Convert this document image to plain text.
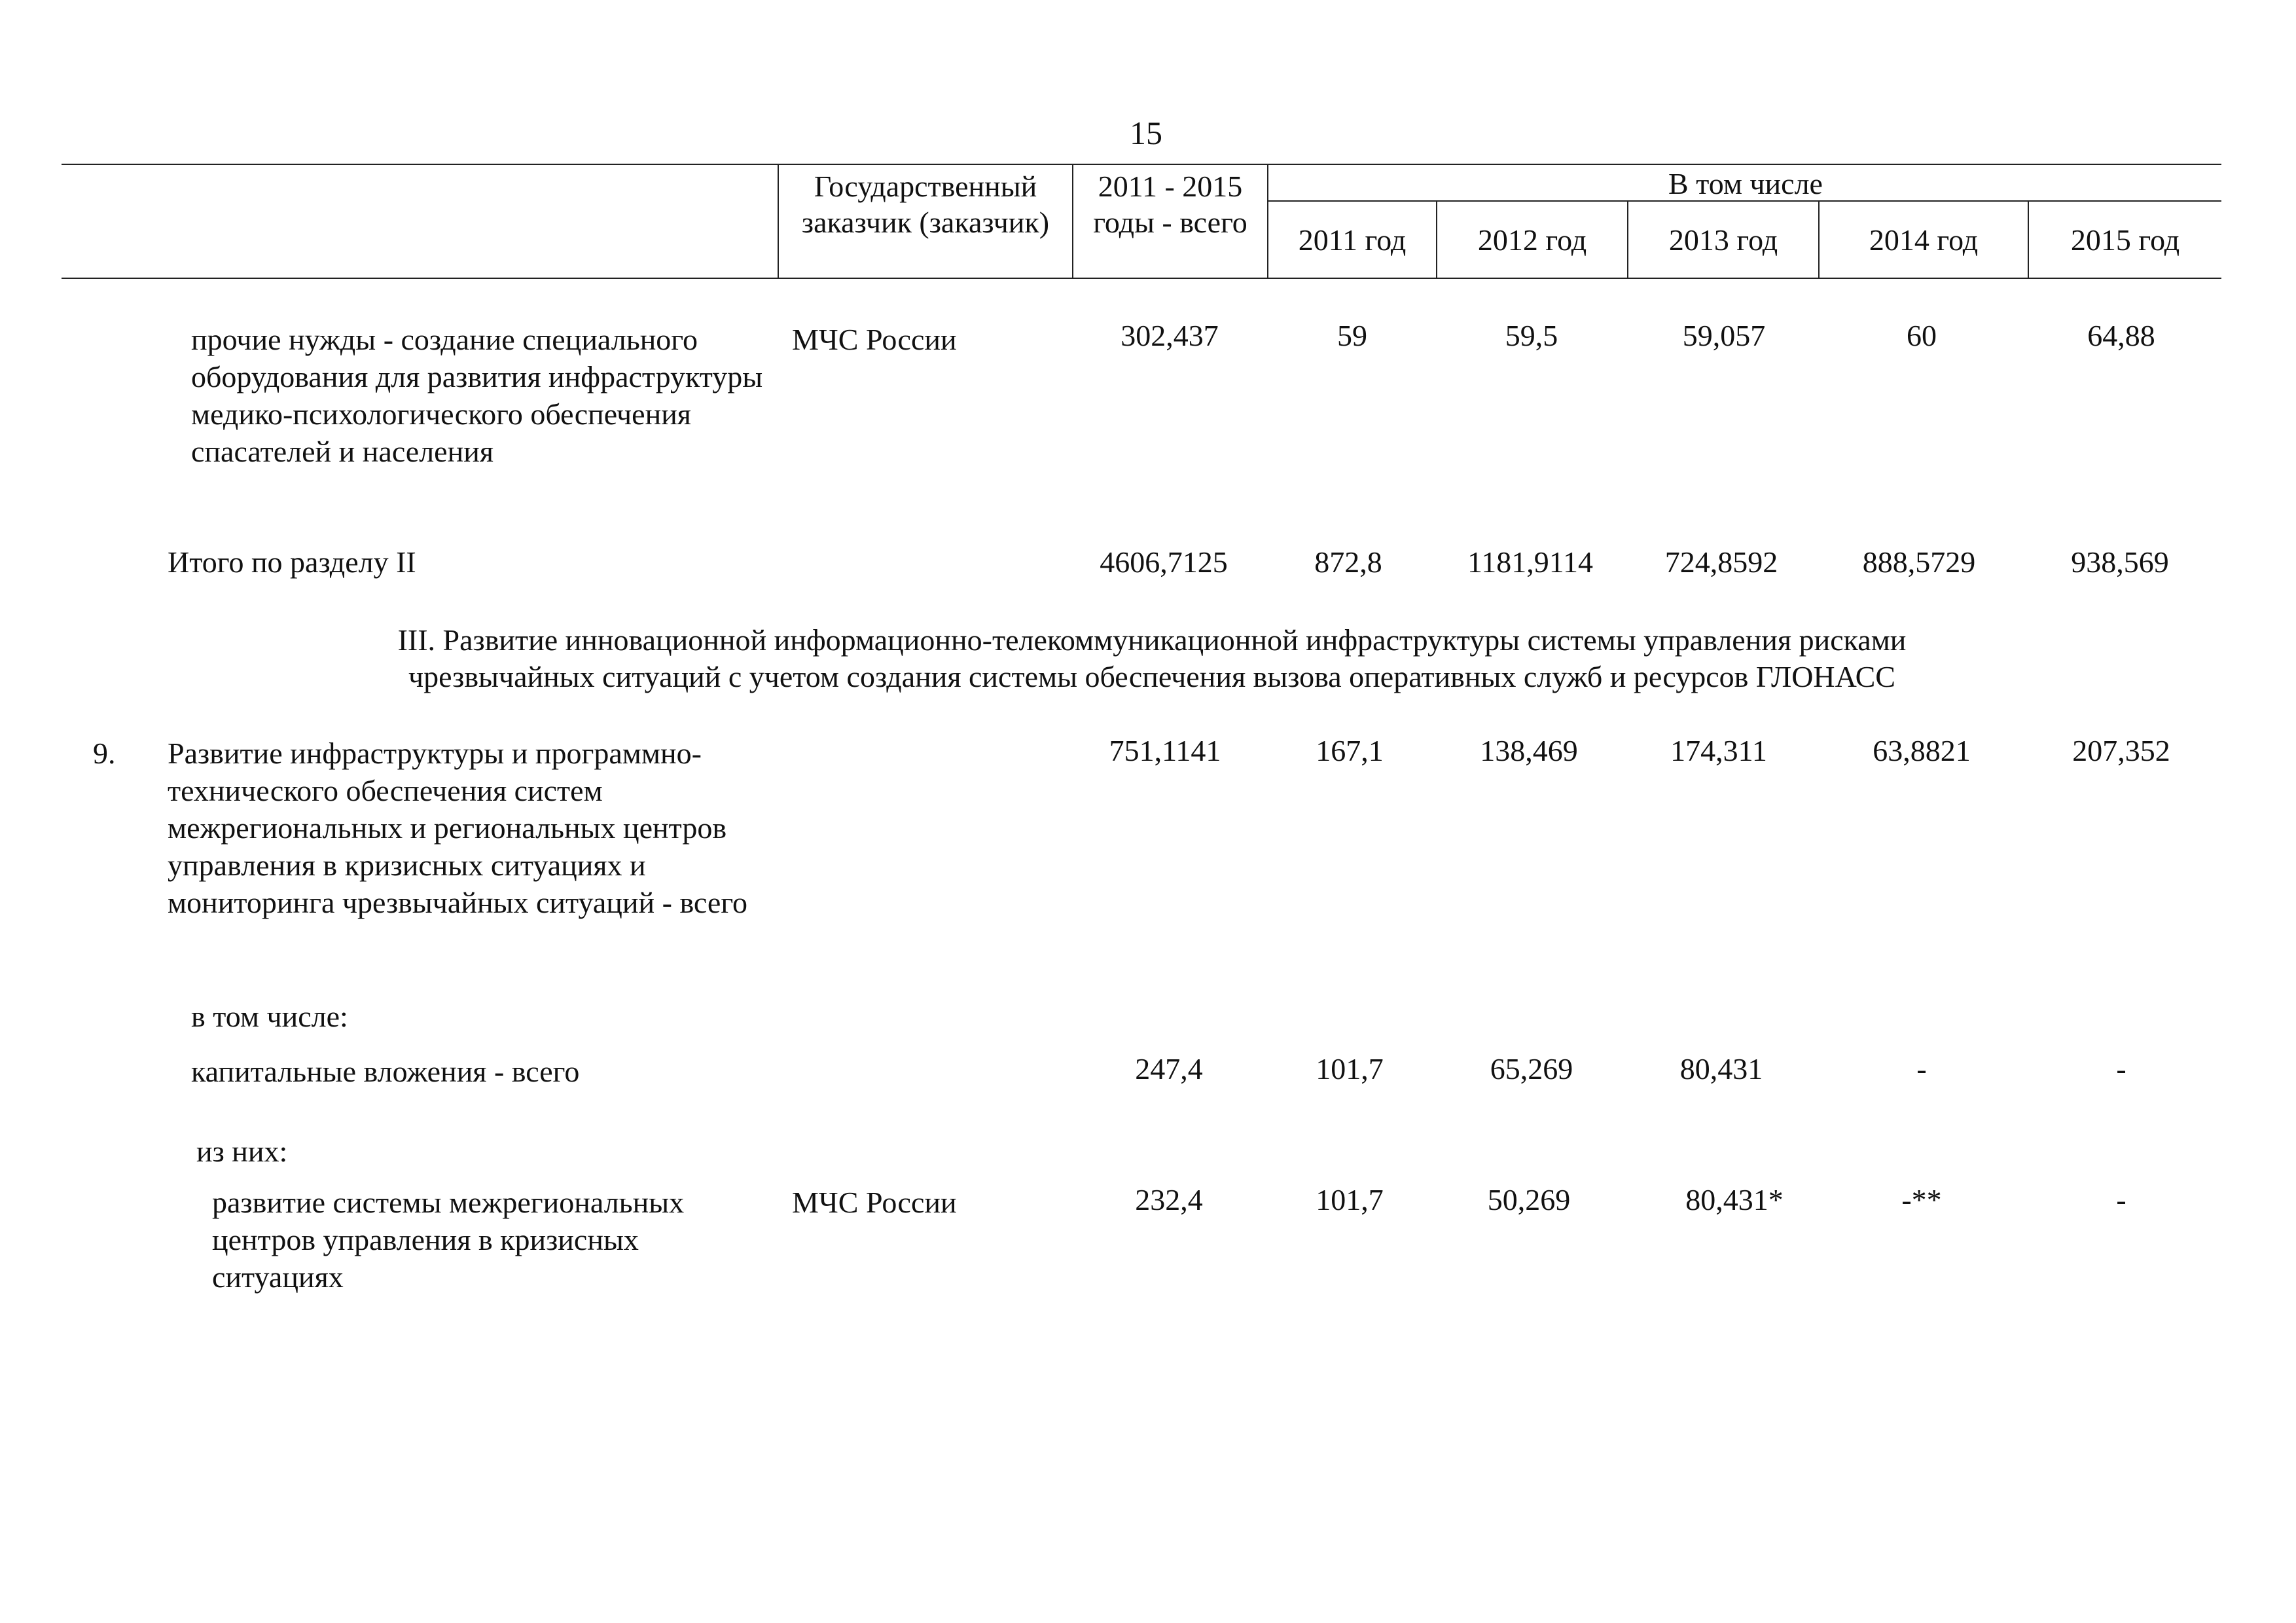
15
Государственный заказчик (заказчик)
2011 - 2015 годы - всего
В том числе
2011 год	2012 год	2013 год	2014 год	2015 год
прочие нужды - создание специального оборудования для развития инфраструктуры медико-психологического обеспечения спасателей и населения
МЧС России	302,437	59	59,5	59,057	60	64,88
Итого по разделу II	4606,7125	872,8	1181,9114	724,8592	888,5729	938,569
III. Развитие инновационной информационно-телекоммуникационной инфраструктуры системы управления рисками чрезвычайных ситуаций с учетом создания системы обеспечения вызова оперативных служб и ресурсов ГЛОНАСС
9. Развитие инфраструктуры и программно-технического обеспечения систем межрегиональных и региональных центров управления в кризисных ситуациях и мониторинга чрезвычайных ситуаций - всего
751,1141	167,1	138,469	174,311	63,8821	207,352
в том числе:
капитальные вложения - всего	247,4	101,7	65,269	80,431	-	-
из них:
развитие системы межрегиональных центров управления в кризисных ситуациях
МЧС России	232,4	101,7	50,269	80,431*	-**	-
